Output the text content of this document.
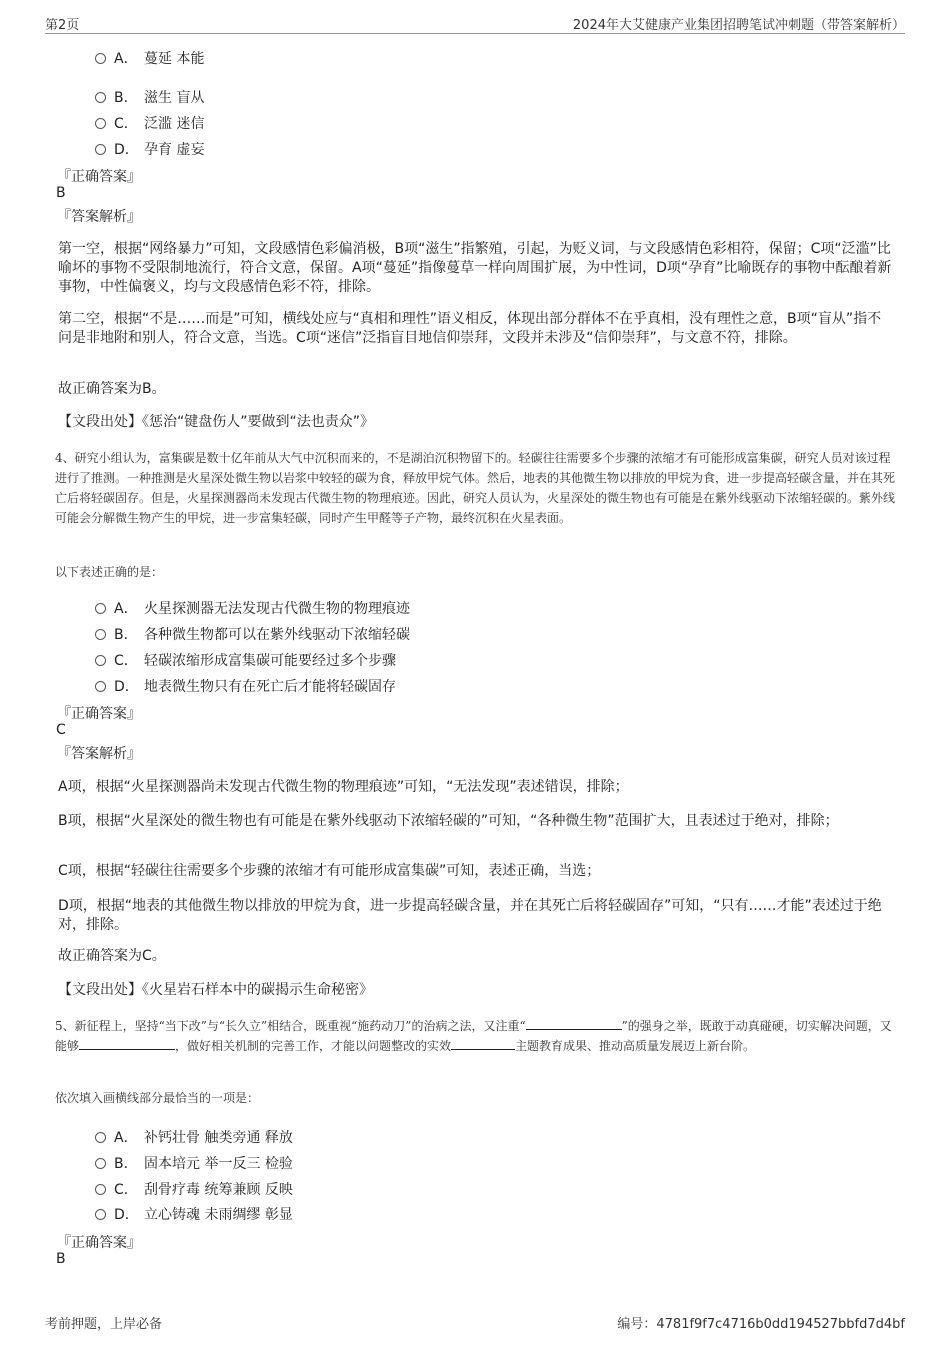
第2页	2024年大艾健康产业集团招聘笔试冲刺题（带答案解析）
A． 蔓延 本能
B． 滋生 盲从
C． 泛滥 迷信
D． 孕育 虚妄
『正确答案』
B
『答案解析』
第一空，根据“网络暴力”可知，文段感情色彩偏消极，B项“滋生”指繁殖，引起，为贬义词，与文段感情色彩相符，保留；C项“泛滥”比喻坏的事物不受限制地流行，符合文意，保留。A项“蔓延”指像蔓草一样向周围扩展，为中性词，D项“孕育”比喻既存的事物中酝酿着新事物，中性偏褒义，均与文段感情色彩不符，排除。
第二空，根据“不是……而是”可知，横线处应与“真相和理性”语义相反，体现出部分群体不在乎真相，没有理性之意，B项“盲从”指不问是非地附和别人，符合文意，当选。C项“迷信”泛指盲目地信仰崇拜，文段并未涉及“信仰崇拜”，与文意不符，排除。
故正确答案为B。
【文段出处】《惩治“键盘伤人”要做到“法也责众”》
4、研究小组认为，富集碳是数十亿年前从大气中沉积而来的，不是湖泊沉积物留下的。轻碳往往需要多个步骤的浓缩才有可能形成富集碳，研究人员对该过程进行了推测。一种推测是火星深处微生物以岩浆中较轻的碳为食，释放甲烷气体。然后，地表的其他微生物以排放的甲烷为食，进一步提高轻碳含量，并在其死亡后将轻碳固存。但是，火星探测器尚未发现古代微生物的物理痕迹。因此，研究人员认为，火星深处的微生物也有可能是在紫外线驱动下浓缩轻碳的。紫外线可能会分解微生物产生的甲烷，进一步富集轻碳，同时产生甲醛等子产物，最终沉积在火星表面。
以下表述正确的是：
A． 火星探测器无法发现古代微生物的物理痕迹
B． 各种微生物都可以在紫外线驱动下浓缩轻碳
C． 轻碳浓缩形成富集碳可能要经过多个步骤
D． 地表微生物只有在死亡后才能将轻碳固存
『正确答案』
C
『答案解析』
A项，根据“火星探测器尚未发现古代微生物的物理痕迹”可知，“无法发现”表述错误，排除；
B项，根据“火星深处的微生物也有可能是在紫外线驱动下浓缩轻碳的”可知，“各种微生物”范围扩大，且表述过于绝对，排除；
C项，根据“轻碳往往需要多个步骤的浓缩才有可能形成富集碳”可知，表述正确，当选；
D项，根据“地表的其他微生物以排放的甲烷为食，进一步提高轻碳含量，并在其死亡后将轻碳固存”可知，“只有……才能”表述过于绝对，排除。
故正确答案为C。
【文段出处】《火星岩石样本中的碳揭示生命秘密》
5、新征程上，坚持“当下改”与“长久立”相结合，既重视“施药动刀”的治病之法，又注重“	”的强身之举，既敢于动真碰硬，切实解决问题，又能够	，做好相关机制的完善工作，才能以问题整改的实效	主题教育成果、推动高质量发展迈上新台阶。
依次填入画横线部分最恰当的一项是：
A． 补钙壮骨 触类旁通 释放
B． 固本培元 举一反三 检验
C． 刮骨疗毒 统筹兼顾 反映
D． 立心铸魂 未雨绸缪 彰显
『正确答案』
B
考前押题，上岸必备	编号：4781f9f7c4716b0dd194527bbfd7d4bf
